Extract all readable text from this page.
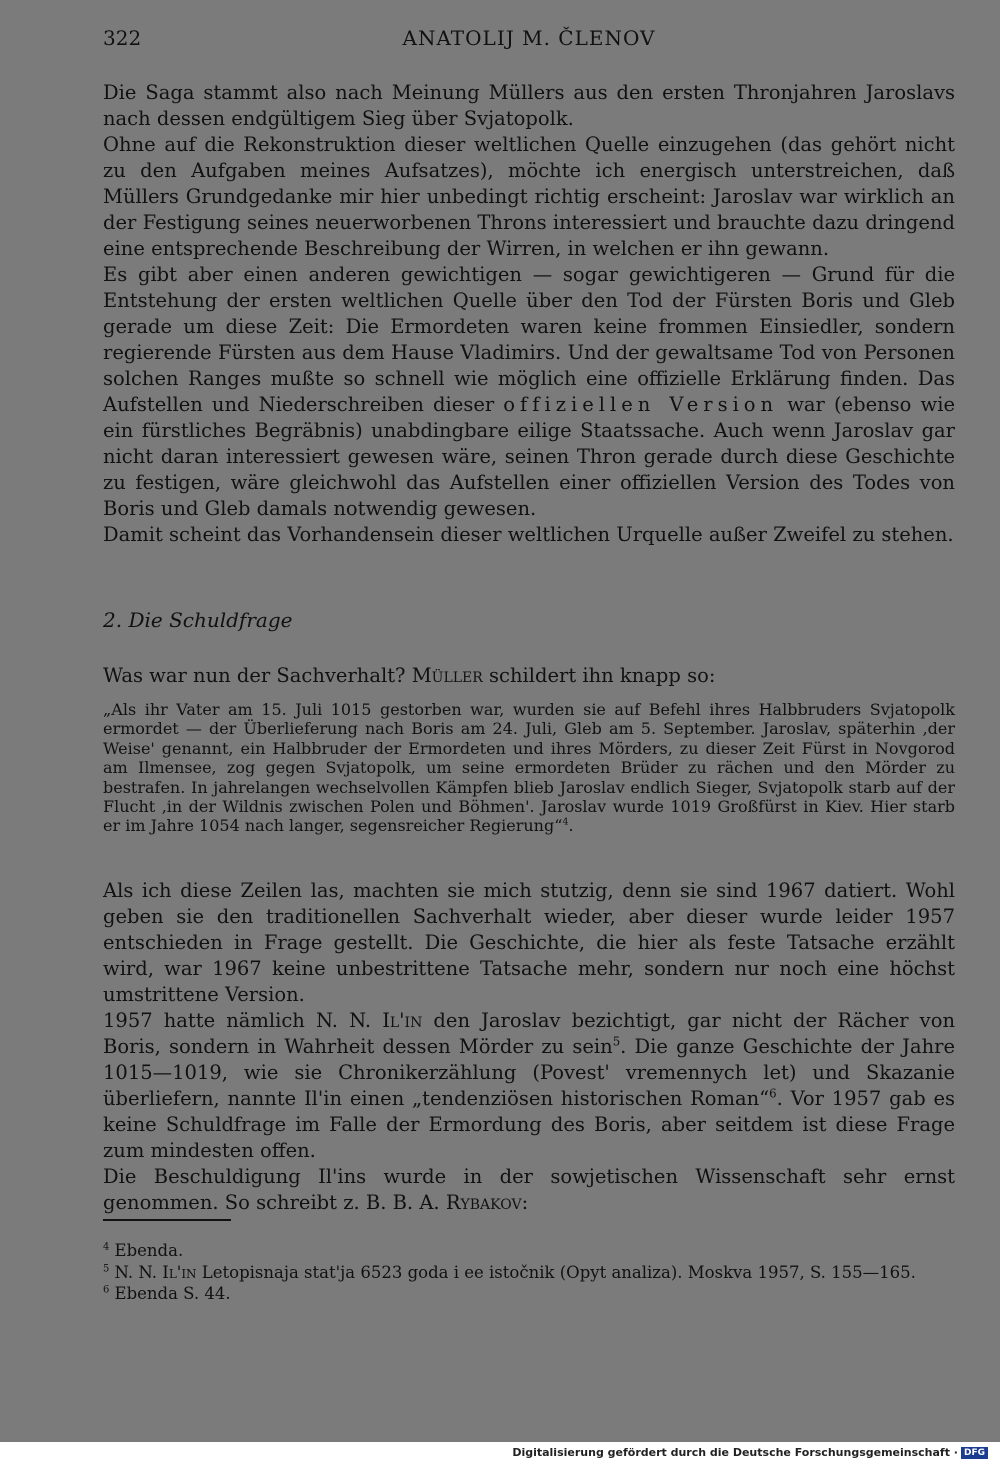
322	ANATOLIJ M. ČLENOV

Die Saga stammt also nach Meinung Müllers aus den ersten Thronjahren Jaroslavs nach dessen endgültigem Sieg über Svjatopolk.

Ohne auf die Rekonstruktion dieser weltlichen Quelle einzugehen (das gehört nicht zu den Aufgaben meines Aufsatzes), möchte ich energisch unterstreichen, daß Müllers Grundgedanke mir hier unbedingt richtig erscheint: Jaroslav war wirklich an der Festigung seines neuerworbenen Throns interessiert und brauchte dazu dringend eine entsprechende Beschreibung der Wirren, in welchen er ihn gewann.

Es gibt aber einen anderen gewichtigen — sogar gewichtigeren — Grund für die Entstehung der ersten weltlichen Quelle über den Tod der Fürsten Boris und Gleb gerade um diese Zeit: Die Ermordeten waren keine frommen Einsiedler, sondern regierende Fürsten aus dem Hause Vladimirs. Und der gewaltsame Tod von Personen solchen Ranges mußte so schnell wie möglich eine offizielle Erklärung finden. Das Aufstellen und Niederschreiben dieser offiziellen Version war (ebenso wie ein fürstliches Begräbnis) unabdingbare eilige Staatssache. Auch wenn Jaroslav gar nicht daran interessiert gewesen wäre, seinen Thron gerade durch diese Geschichte zu festigen, wäre gleichwohl das Aufstellen einer offiziellen Version des Todes von Boris und Gleb damals notwendig gewesen.

Damit scheint das Vorhandensein dieser weltlichen Urquelle außer Zweifel zu stehen.

2. Die Schuldfrage
Was war nun der Sachverhalt? Müller schildert ihn knapp so:

„Als ihr Vater am 15. Juli 1015 gestorben war, wurden sie auf Befehl ihres Halbbruders Svjatopolk ermordet — der Überlieferung nach Boris am 24. Juli, Gleb am 5. September. Jaroslav, späterhin ‚der Weise' genannt, ein Halbbruder der Ermordeten und ihres Mörders, zu dieser Zeit Fürst in Novgorod am Ilmensee, zog gegen Svjatopolk, um seine ermordeten Brüder zu rächen und den Mörder zu bestrafen. In jahrelangen wechselvollen Kämpfen blieb Jaroslav endlich Sieger, Svjatopolk starb auf der Flucht ‚in der Wildnis zwischen Polen und Böhmen'. Jaroslav wurde 1019 Großfürst in Kiev. Hier starb er im Jahre 1054 nach langer, segensreicher Regierung“$^4$.

Als ich diese Zeilen las, machten sie mich stutzig, denn sie sind 1967 datiert. Wohl geben sie den traditionellen Sachverhalt wieder, aber dieser wurde leider 1957 entschieden in Frage gestellt. Die Geschichte, die hier als feste Tatsache erzählt wird, war 1967 keine unbestrittene Tatsache mehr, sondern nur noch eine höchst umstrittene Version.

1957 hatte nämlich N. N. Il'in den Jaroslav bezichtigt, gar nicht der Rächer von Boris, sondern in Wahrheit dessen Mörder zu sein$^5$. Die ganze Geschichte der Jahre 1015—1019, wie sie Chronikerzählung (Povest' vremennych let) und Skazanie überliefern, nannte Il'in einen „tendenziösen historischen Roman“$^6$. Vor 1957 gab es keine Schuldfrage im Falle der Ermordung des Boris, aber seitdem ist diese Frage zum mindesten offen.

Die Beschuldigung Il'ins wurde in der sowjetischen Wissenschaft sehr ernst genommen. So schreibt z. B. B. A. Rybakov:

$^4$ Ebenda.
$^5$ N. N. Il'in Letopisnaja stat'ja 6523 goda i ee istočnik (Opyt analiza). Moskva 1957, S. 155—165.
$^6$ Ebenda S. 44.
Digitalisierung gefördert durch die Deutsche Forschungsgemeinschaft · DFG
